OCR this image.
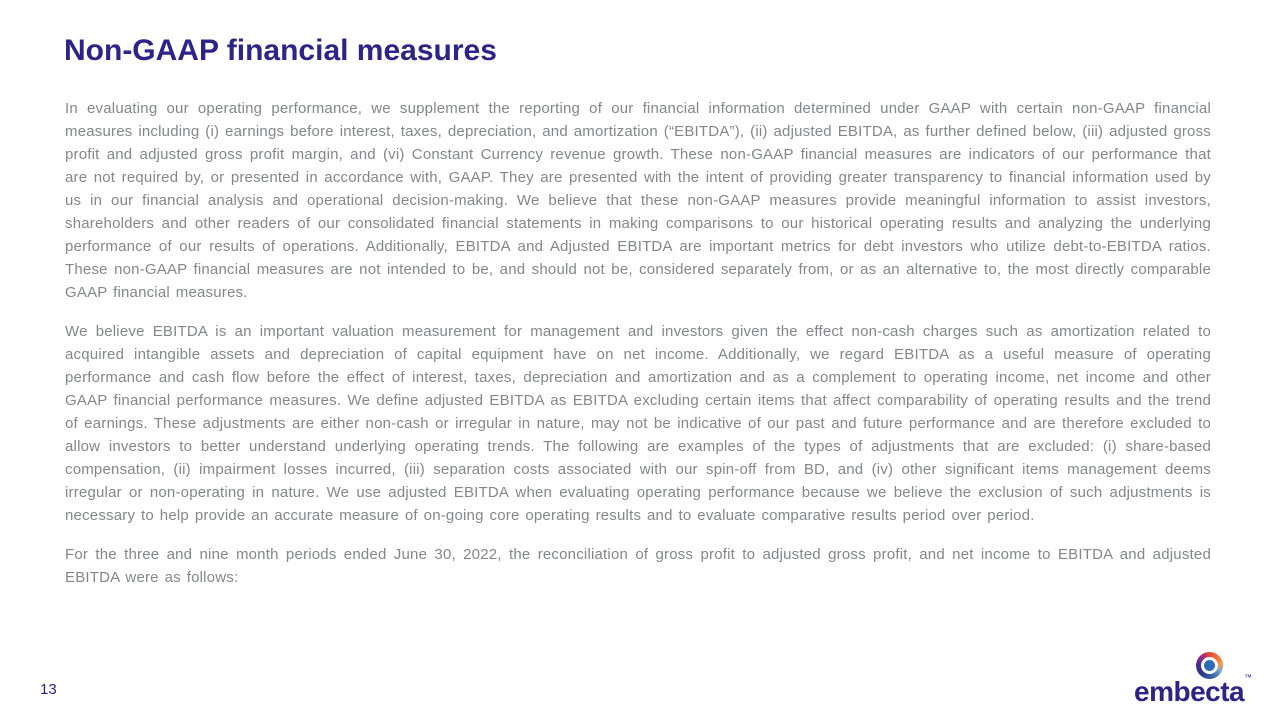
Non-GAAP financial measures

In evaluating our operating performance, we supplement the reporting of our financial information determined under GAAP with certain non-GAAP financial measures including (i) earnings before interest, taxes, depreciation, and amortization (“EBITDA”), (ii) adjusted EBITDA, as further defined below, (iii) adjusted gross profit and adjusted gross profit margin, and (vi) Constant Currency revenue growth. These non-GAAP financial measures are indicators of our performance that are not required by, or presented in accordance with, GAAP. They are presented with the intent of providing greater transparency to financial information used by us in our financial analysis and operational decision-making. We believe that these non-GAAP measures provide meaningful information to assist investors, shareholders and other readers of our consolidated financial statements in making comparisons to our historical operating results and analyzing the underlying performance of our results of operations. Additionally, EBITDA and Adjusted EBITDA are important metrics for debt investors who utilize debt-to-EBITDA ratios. These non-GAAP financial measures are not intended to be, and should not be, considered separately from, or as an alternative to, the most directly comparable GAAP financial measures.

We believe EBITDA is an important valuation measurement for management and investors given the effect non-cash charges such as amortization related to acquired intangible assets and depreciation of capital equipment have on net income. Additionally, we regard EBITDA as a useful measure of operating performance and cash flow before the effect of interest, taxes, depreciation and amortization and as a complement to operating income, net income and other GAAP financial performance measures. We define adjusted EBITDA as EBITDA excluding certain items that affect comparability of operating results and the trend of earnings. These adjustments are either non-cash or irregular in nature, may not be indicative of our past and future performance and are therefore excluded to allow investors to better understand underlying operating trends. The following are examples of the types of adjustments that are excluded: (i) share-based compensation, (ii) impairment losses incurred, (iii) separation costs associated with our spin-off from BD, and (iv) other significant items management deems irregular or non-operating in nature. We use adjusted EBITDA when evaluating operating performance because we believe the exclusion of such adjustments is necessary to help provide an accurate measure of on-going core operating results and to evaluate comparative results period over period.

For the three and nine month periods ended June 30, 2022, the reconciliation of gross profit to adjusted gross profit, and net income to EBITDA and adjusted EBITDA were as follows:

13	embecta ™
